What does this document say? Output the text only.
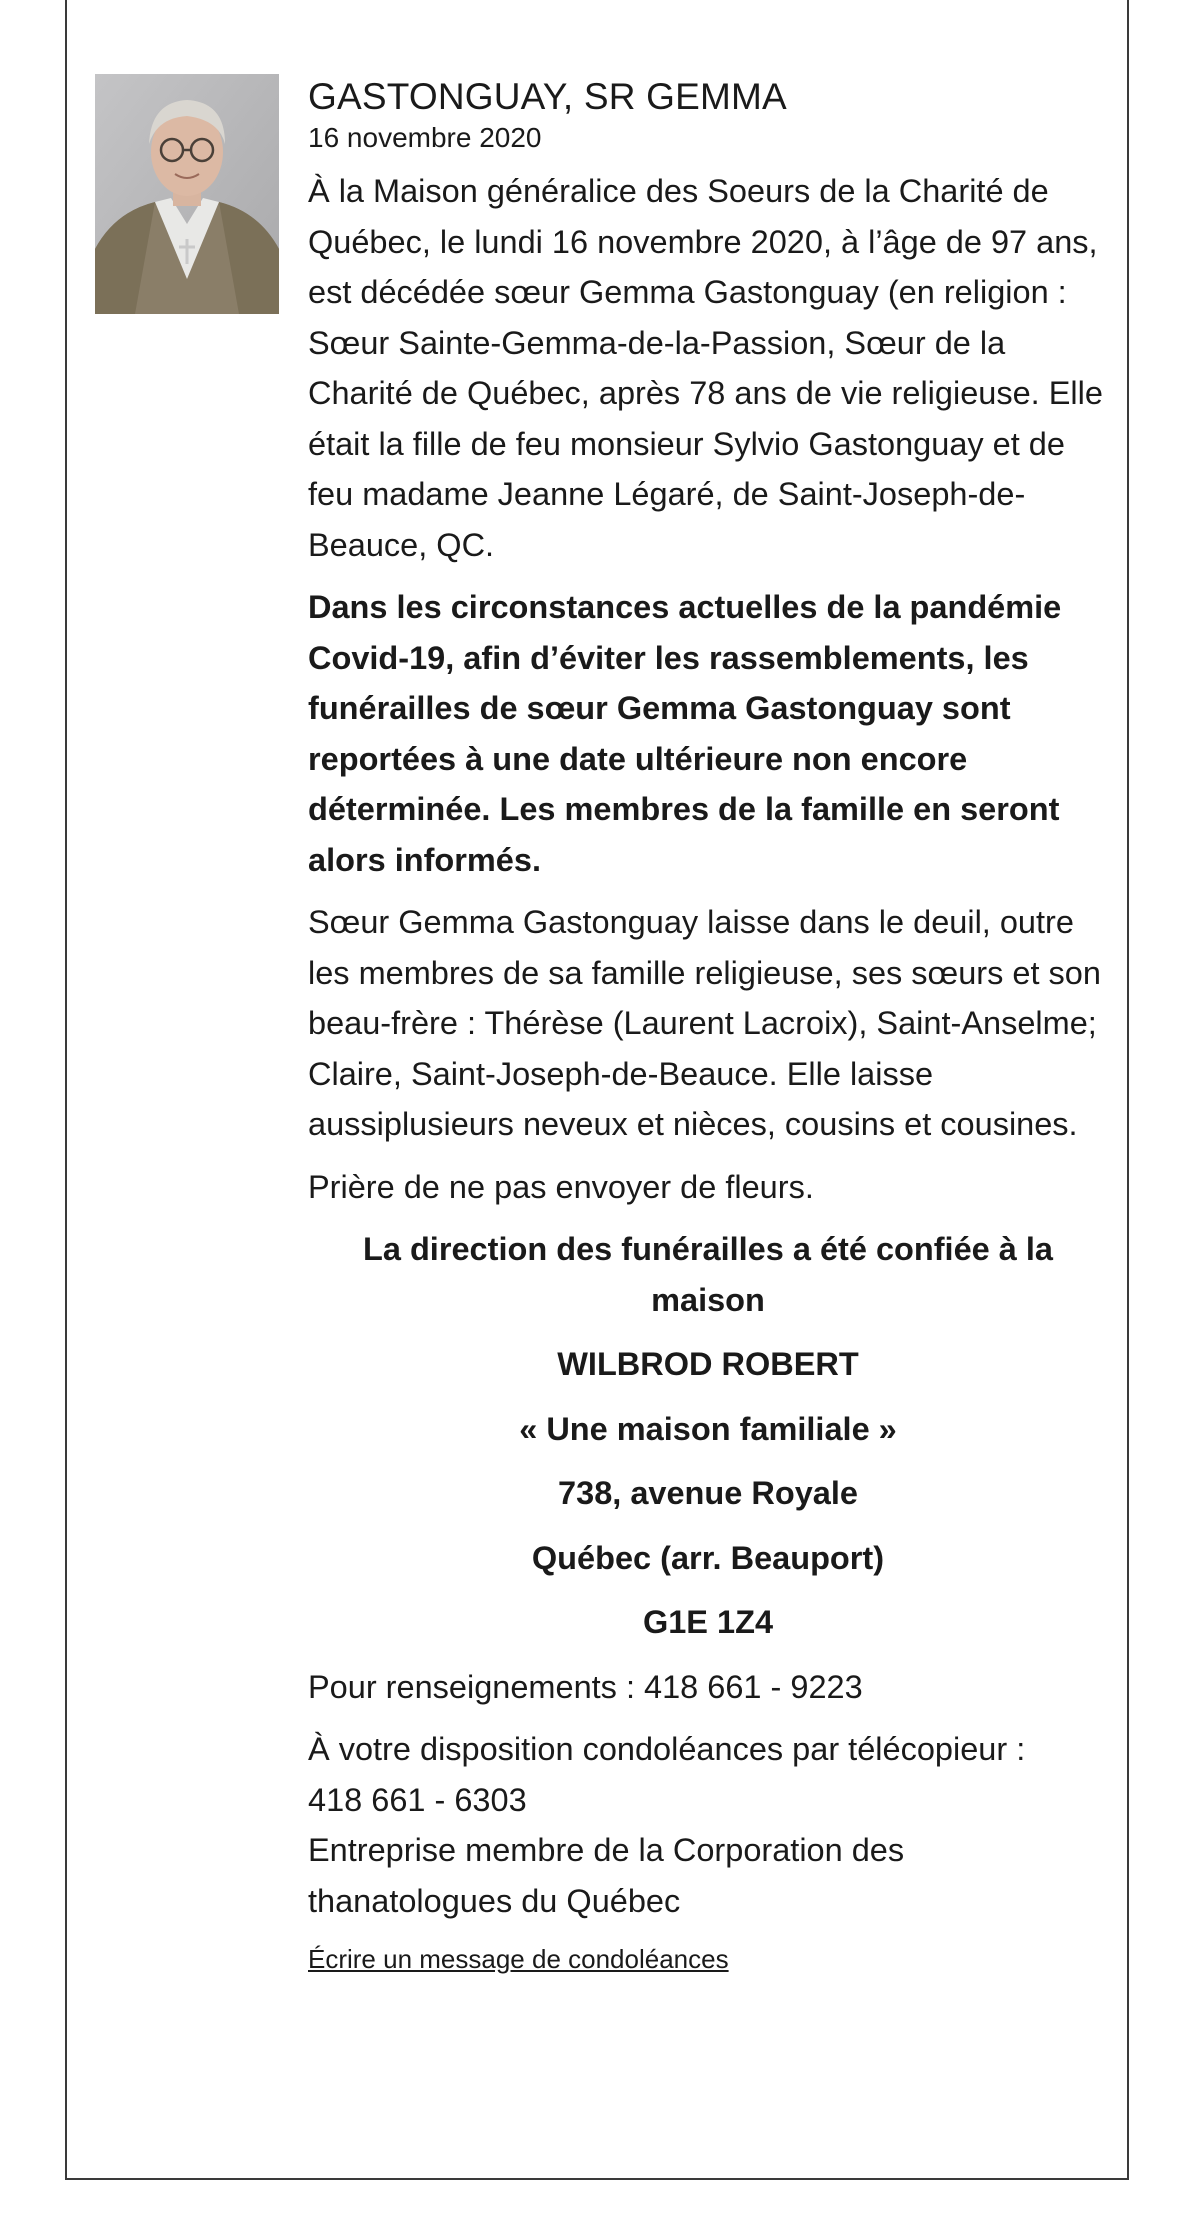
GASTONGUAY, SR GEMMA
16 novembre 2020

À la Maison généralice des Soeurs de la Charité de Québec, le lundi 16 novembre 2020, à l’âge de 97 ans, est décédée sœur Gemma Gastonguay (en religion : Sœur Sainte-Gemma-de-la-Passion, Sœur de la Charité de Québec, après 78 ans de vie religieuse. Elle était la fille de feu monsieur Sylvio Gastonguay et de feu madame Jeanne Légaré, de Saint-Joseph-de-Beauce, QC.

Dans les circonstances actuelles de la pandémie Covid-19, afin d’éviter les rassemblements, les funérailles de sœur Gemma Gastonguay sont reportées à une date ultérieure non encore déterminée. Les membres de la famille en seront alors informés.

Sœur Gemma Gastonguay laisse dans le deuil, outre les membres de sa famille religieuse, ses sœurs et son beau-frère : Thérèse (Laurent Lacroix), Saint-Anselme; Claire, Saint-Joseph-de-Beauce. Elle laisse aussiplusieurs neveux et nièces, cousins et cousines.

Prière de ne pas envoyer de fleurs.

La direction des funérailles a été confiée à la maison

WILBROD ROBERT

« Une maison familiale »

738, avenue Royale

Québec (arr. Beauport)

G1E 1Z4

Pour renseignements : 418 661 - 9223

À votre disposition condoléances par télécopieur :

418 661 - 6303

Entreprise membre de la Corporation des thanatologues du Québec

Écrire un message de condoléances
